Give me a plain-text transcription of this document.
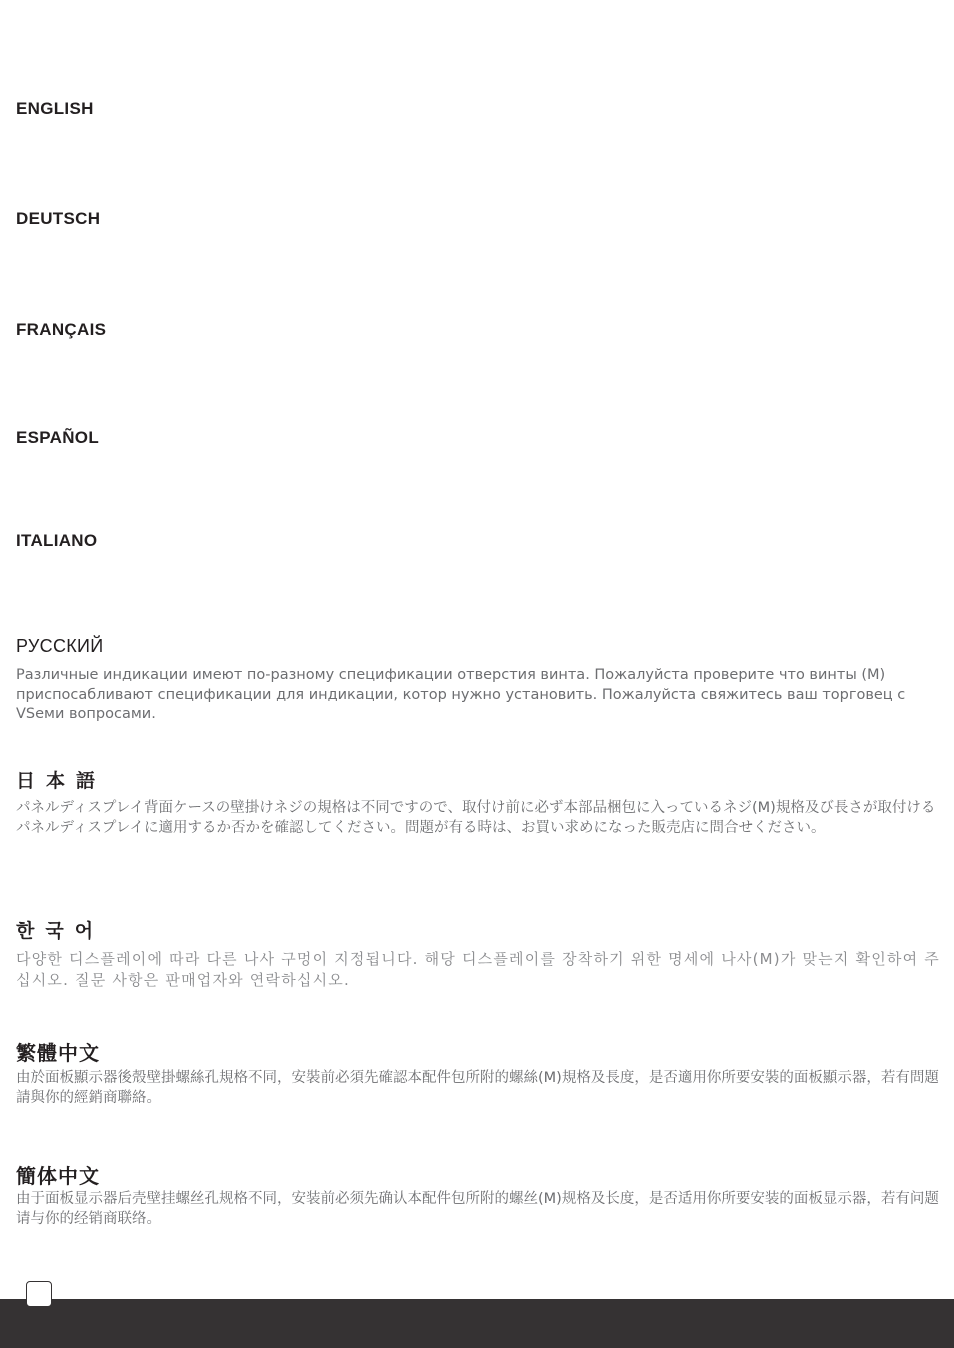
ENGLISH
DEUTSCH
FRANÇAIS
ESPAÑOL
ITALIANO
РУССКИЙ

Различные индикации имеют по-разному спецификации отверстия винта. Пожалуйста проверите что винты (M) приспосабливают спецификации для индикации, котор нужно установить. Пожалуйста свяжитесь ваш торговец с VSеми вопросами.

日本語

パネルディスプレイ背面ケースの壁掛けネジの規格は不同ですので、取付け前に必ず本部品梱包に入っているネジ(M)規格及び長さが取付けるパネルディスプレイに適用するか否かを確認してください。問題が有る時は、お買い求めになった販売店に問合せください。

한국어

다양한 디스플레이에 따라 다른 나사 구멍이 지정됩니다. 해당 디스플레이를 장착하기 위한 명세에 나사(M)가 맞는지 확인하여 주십시오. 질문 사항은 판매업자와 연락하십시오.

繁體中文

由於面板顯示器後殼壁掛螺絲孔規格不同，安裝前必須先確認本配件包所附的螺絲(M)規格及長度，是否適用你所要安裝的面板顯示器，若有問題請與你的經銷商聯絡。

簡体中文

由于面板显示器后壳壁挂螺丝孔规格不同，安装前必须先确认本配件包所附的螺丝(M)规格及长度，是否适用你所要安装的面板显示器，若有问题请与你的经销商联络。
